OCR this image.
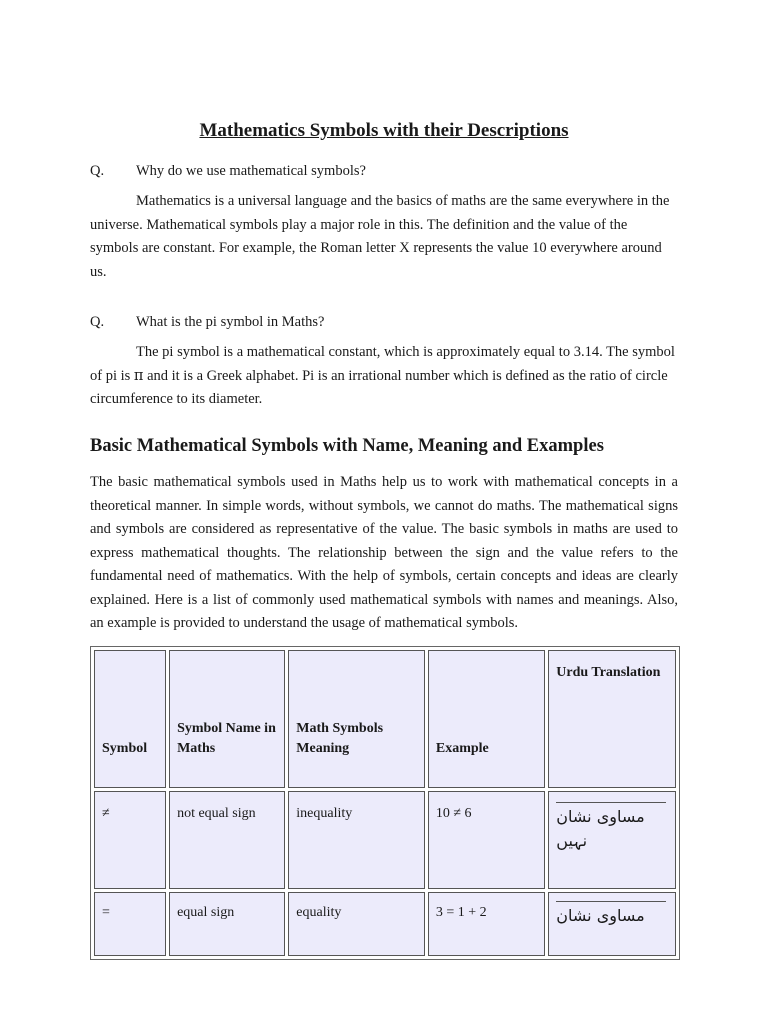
Mathematics Symbols with their Descriptions
Q. Why do we use mathematical symbols?

Mathematics is a universal language and the basics of maths are the same everywhere in the universe. Mathematical symbols play a major role in this. The definition and the value of the symbols are constant. For example, the Roman letter X represents the value 10 everywhere around us.

Q. What is the pi symbol in Maths?

The pi symbol is a mathematical constant, which is approximately equal to 3.14. The symbol of pi is π and it is a Greek alphabet. Pi is an irrational number which is defined as the ratio of circle circumference to its diameter.

Basic Mathematical Symbols with Name, Meaning and Examples

The basic mathematical symbols used in Maths help us to work with mathematical concepts in a theoretical manner. In simple words, without symbols, we cannot do maths. The mathematical signs and symbols are considered as representative of the value. The basic symbols in maths are used to express mathematical thoughts. The relationship between the sign and the value refers to the fundamental need of mathematics. With the help of symbols, certain concepts and ideas are clearly explained. Here is a list of commonly used mathematical symbols with names and meanings. Also, an example is provided to understand the usage of mathematical symbols.

Symbol	Symbol Name in Maths	Math Symbols Meaning	Example	Urdu Translation
≠	not equal sign	inequality	10 ≠ 6	مساوی نشان نہیں

=	equal sign	equality	3 = 1 + 2	مساوی نشان
